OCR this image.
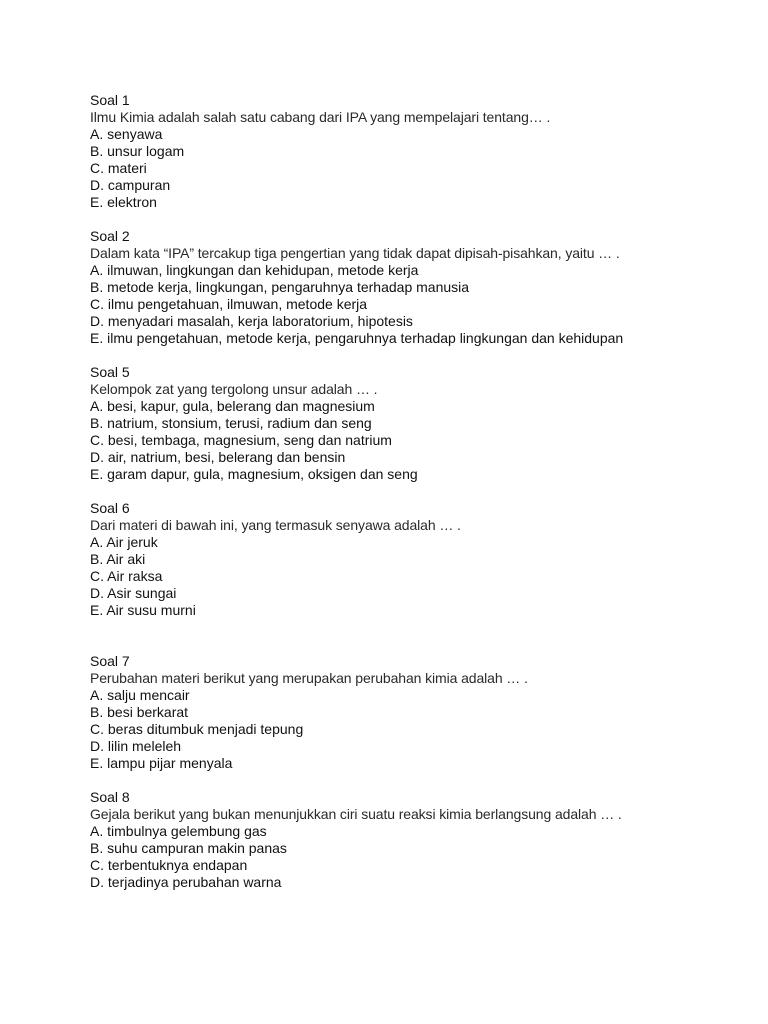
Soal 1

Ilmu Kimia adalah salah satu cabang dari IPA yang mempelajari tentang… .

A. senyawa
B. unsur logam
C. materi
D. campuran
E. elektron

Soal 2

Dalam kata “IPA” tercakup tiga pengertian yang tidak dapat dipisah-pisahkan, yaitu … .

A. ilmuwan, lingkungan dan kehidupan, metode kerja
B. metode kerja, lingkungan, pengaruhnya terhadap manusia
C. ilmu pengetahuan, ilmuwan, metode kerja
D. menyadari masalah, kerja laboratorium, hipotesis
E. ilmu pengetahuan, metode kerja, pengaruhnya terhadap lingkungan dan kehidupan

Soal 5

Kelompok zat yang tergolong unsur adalah … .

A. besi, kapur, gula, belerang dan magnesium
B. natrium, stonsium, terusi, radium dan seng
C. besi, tembaga, magnesium, seng dan natrium
D. air, natrium, besi, belerang dan bensin
E. garam dapur, gula, magnesium, oksigen dan seng

Soal 6

Dari materi di bawah ini, yang termasuk senyawa adalah … .

A. Air jeruk
B. Air aki
C. Air raksa
D. Asir sungai
E. Air susu murni

Soal 7

Perubahan materi berikut yang merupakan perubahan kimia adalah … .

A. salju mencair
B. besi berkarat
C. beras ditumbuk menjadi tepung
D. lilin meleleh
E. lampu pijar menyala

Soal 8

Gejala berikut yang bukan menunjukkan ciri suatu reaksi kimia berlangsung adalah … .

A. timbulnya gelembung gas
B. suhu campuran makin panas
C. terbentuknya endapan
D. terjadinya perubahan warna
